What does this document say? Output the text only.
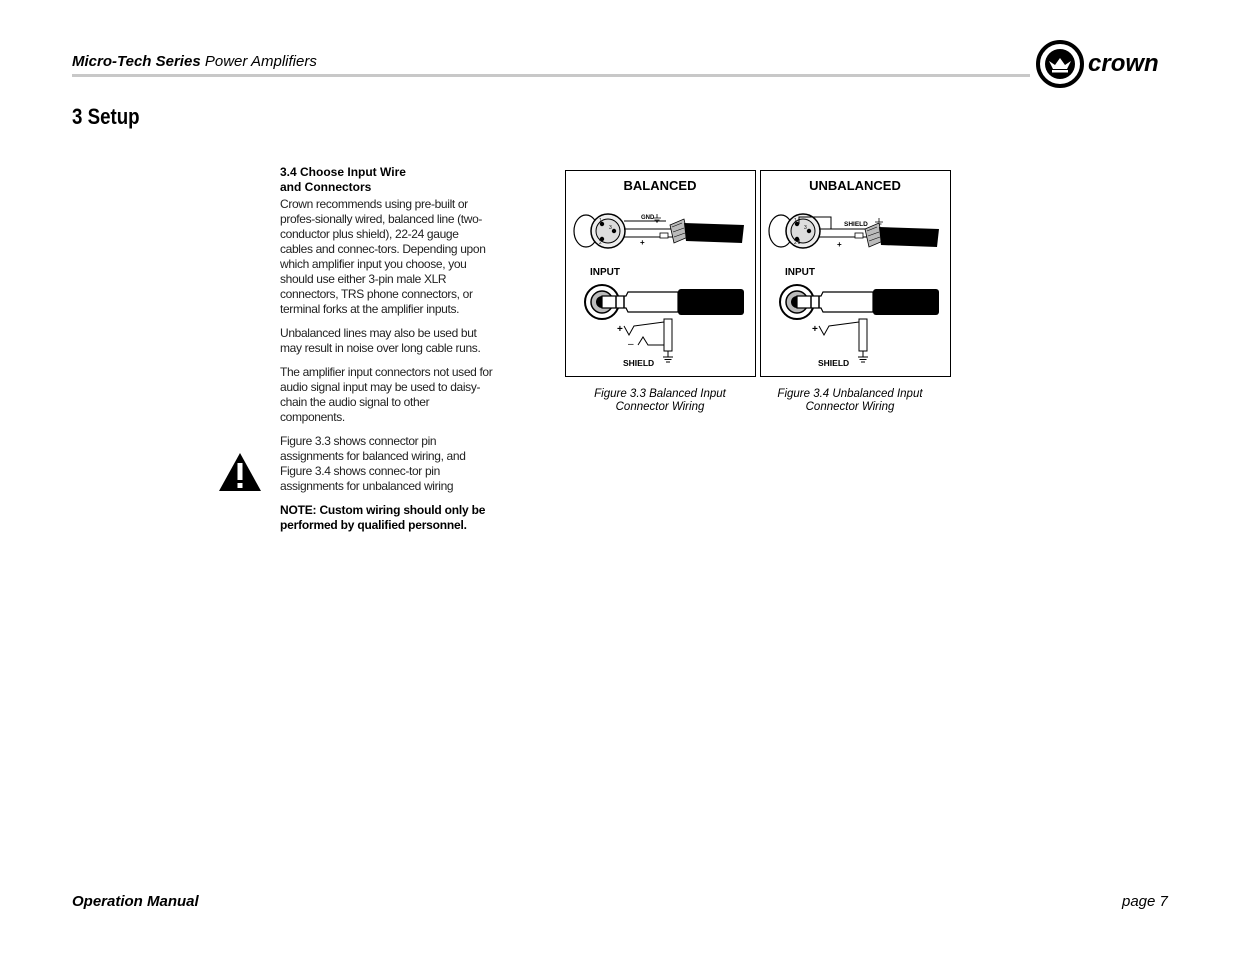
Micro-Tech Series Power Amplifiers	crown
3 Setup
3.4 Choose Input Wire
and Connectors

Crown recommends using pre-built or profes-sionally wired, balanced line (two-conductor plus shield), 22-24 gauge cables and connec-tors. Depending upon which amplifier input you choose, you should use either 3-pin male XLR connectors, TRS phone connectors, or terminal forks at the amplifier inputs.

Unbalanced lines may also be used but may result in noise over long cable runs.

The amplifier input connectors not used for audio signal input may be used to daisy-chain the audio signal to other components.

Figure 3.3 shows connector pin assignments for balanced wiring, and Figure 3.4 shows connec-tor pin assignments for unbalanced wiring

NOTE: Custom wiring should only be performed by qualified personnel.

BALANCED
1
2
3
GND
–
+
INPUT
+
–
SHIELD
UNBALANCED
1
2
3	SHIELD
+
INPUT
+
SHIELD
Figure 3.3 Balanced Input
Connector Wiring
Figure 3.4 Unbalanced Input
Connector Wiring
Operation Manual	page 7
